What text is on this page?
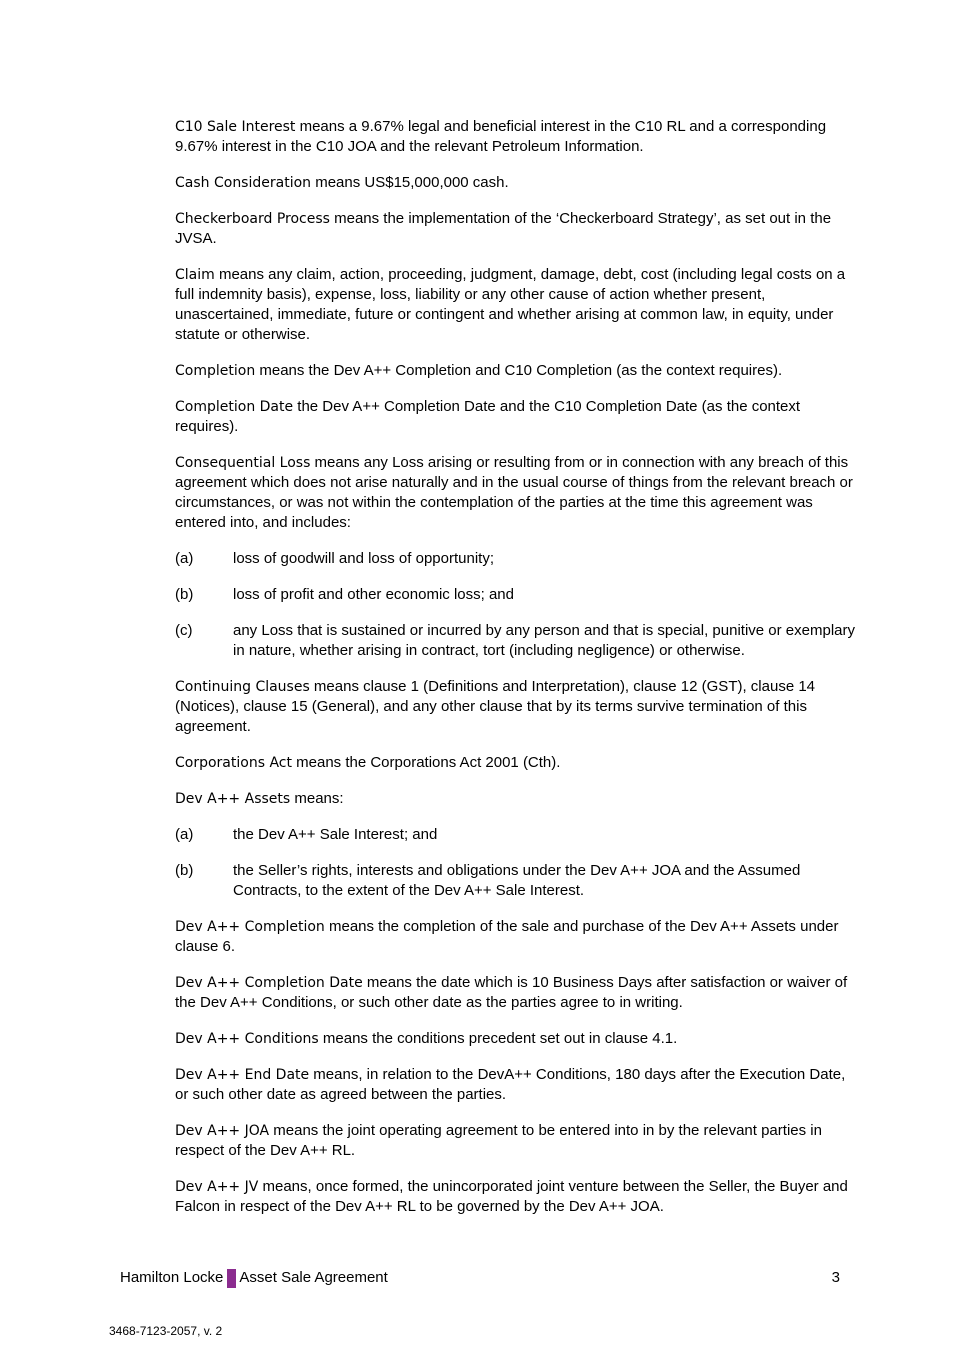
C10 Sale Interest means a 9.67% legal and beneficial interest in the C10 RL and a corresponding 9.67% interest in the C10 JOA and the relevant Petroleum Information.

Cash Consideration means US$15,000,000 cash.

Checkerboard Process means the implementation of the ‘Checkerboard Strategy’, as set out in the JVSA.

Claim means any claim, action, proceeding, judgment, damage, debt, cost (including legal costs on a full indemnity basis), expense, loss, liability or any other cause of action whether present, unascertained, immediate, future or contingent and whether arising at common law, in equity, under statute or otherwise.

Completion means the Dev A++ Completion and C10 Completion (as the context requires).

Completion Date the Dev A++ Completion Date and the C10 Completion Date (as the context requires).

Consequential Loss means any Loss arising or resulting from or in connection with any breach of this agreement which does not arise naturally and in the usual course of things from the relevant breach or circumstances, or was not within the contemplation of the parties at the time this agreement was entered into, and includes:

(a)	loss of goodwill and loss of opportunity;
(b)	loss of profit and other economic loss; and
(c)	any Loss that is sustained or incurred by any person and that is special, punitive or exemplary in nature, whether arising in contract, tort (including negligence) or otherwise.

Continuing Clauses means clause 1 (Definitions and Interpretation), clause 12 (GST), clause 14 (Notices), clause 15 (General), and any other clause that by its terms survive termination of this agreement.

Corporations Act means the Corporations Act 2001 (Cth).

Dev A++ Assets means:

(a)	the Dev A++ Sale Interest; and
(b)	the Seller’s rights, interests and obligations under the Dev A++ JOA and the Assumed Contracts, to the extent of the Dev A++ Sale Interest.

Dev A++ Completion means the completion of the sale and purchase of the Dev A++ Assets under clause 6.

Dev A++ Completion Date means the date which is 10 Business Days after satisfaction or waiver of the Dev A++ Conditions, or such other date as the parties agree to in writing.

Dev A++ Conditions means the conditions precedent set out in clause 4.1.

Dev A++ End Date means, in relation to the DevA++ Conditions, 180 days after the Execution Date, or such other date as agreed between the parties.

Dev A++ JOA means the joint operating agreement to be entered into in by the relevant parties in respect of the Dev A++ RL.

Dev A++ JV means, once formed, the unincorporated joint venture between the Seller, the Buyer and Falcon in respect of the Dev A++ RL to be governed by the Dev A++ JOA.

Hamilton Locke Asset Sale Agreement	3
3468-7123-2057, v. 2
